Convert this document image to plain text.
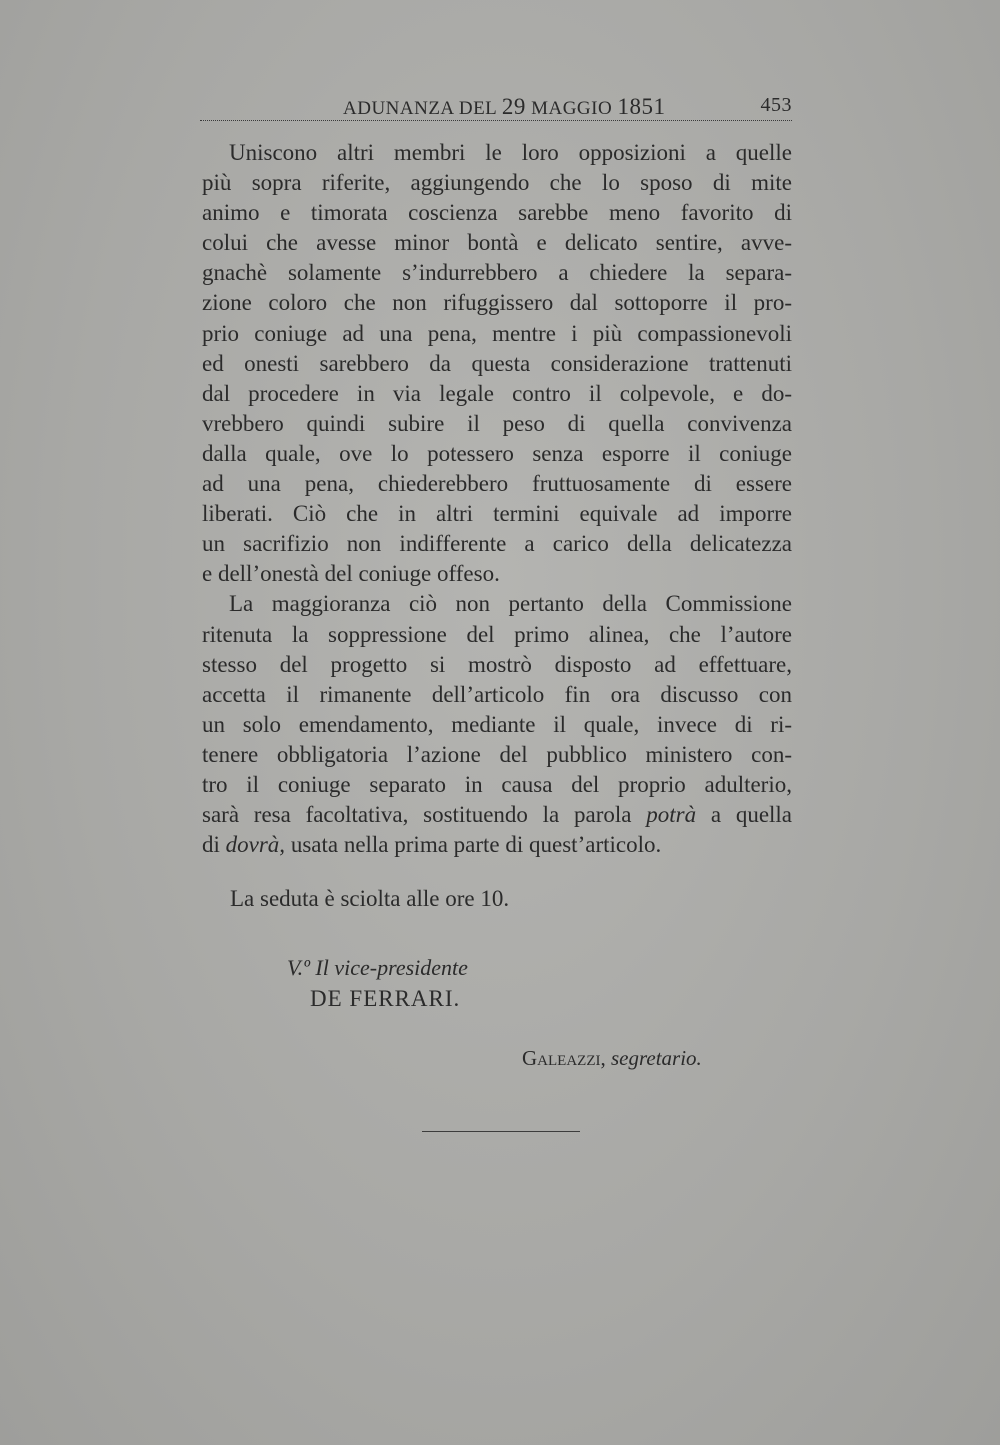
ADUNANZA DEL 29 MAGGIO 1851	453
Uniscono altri membri le loro opposizioni a quelle
più sopra riferite, aggiungendo che lo sposo di mite
animo e timorata coscienza sarebbe meno favorito di
colui che avesse minor bontà e delicato sentire, avve-
gnachè solamente s’indurrebbero a chiedere la separa-
zione coloro che non rifuggissero dal sottoporre il pro-
prio coniuge ad una pena, mentre i più compassionevoli
ed onesti sarebbero da questa considerazione trattenuti
dal procedere in via legale contro il colpevole, e do-
vrebbero quindi subire il peso di quella convivenza
dalla quale, ove lo potessero senza esporre il coniuge
ad una pena, chiederebbero fruttuosamente di essere
liberati. Ciò che in altri termini equivale ad imporre
un sacrifizio non indifferente a carico della delicatezza
e dell’onestà del coniuge offeso.
La maggioranza ciò non pertanto della Commissione
ritenuta la soppressione del primo alinea, che l’autore
stesso del progetto si mostrò disposto ad effettuare,
accetta il rimanente dell’articolo fin ora discusso con
un solo emendamento, mediante il quale, invece di ri-
tenere obbligatoria l’azione del pubblico ministero con-
tro il coniuge separato in causa del proprio adulterio,
sarà resa facoltativa, sostituendo la parola potrà a quella
di dovrà, usata nella prima parte di quest’articolo.
La seduta è sciolta alle ore 10.
V.º Il vice-presidente
DE FERRARI.
Galeazzi, segretario.
